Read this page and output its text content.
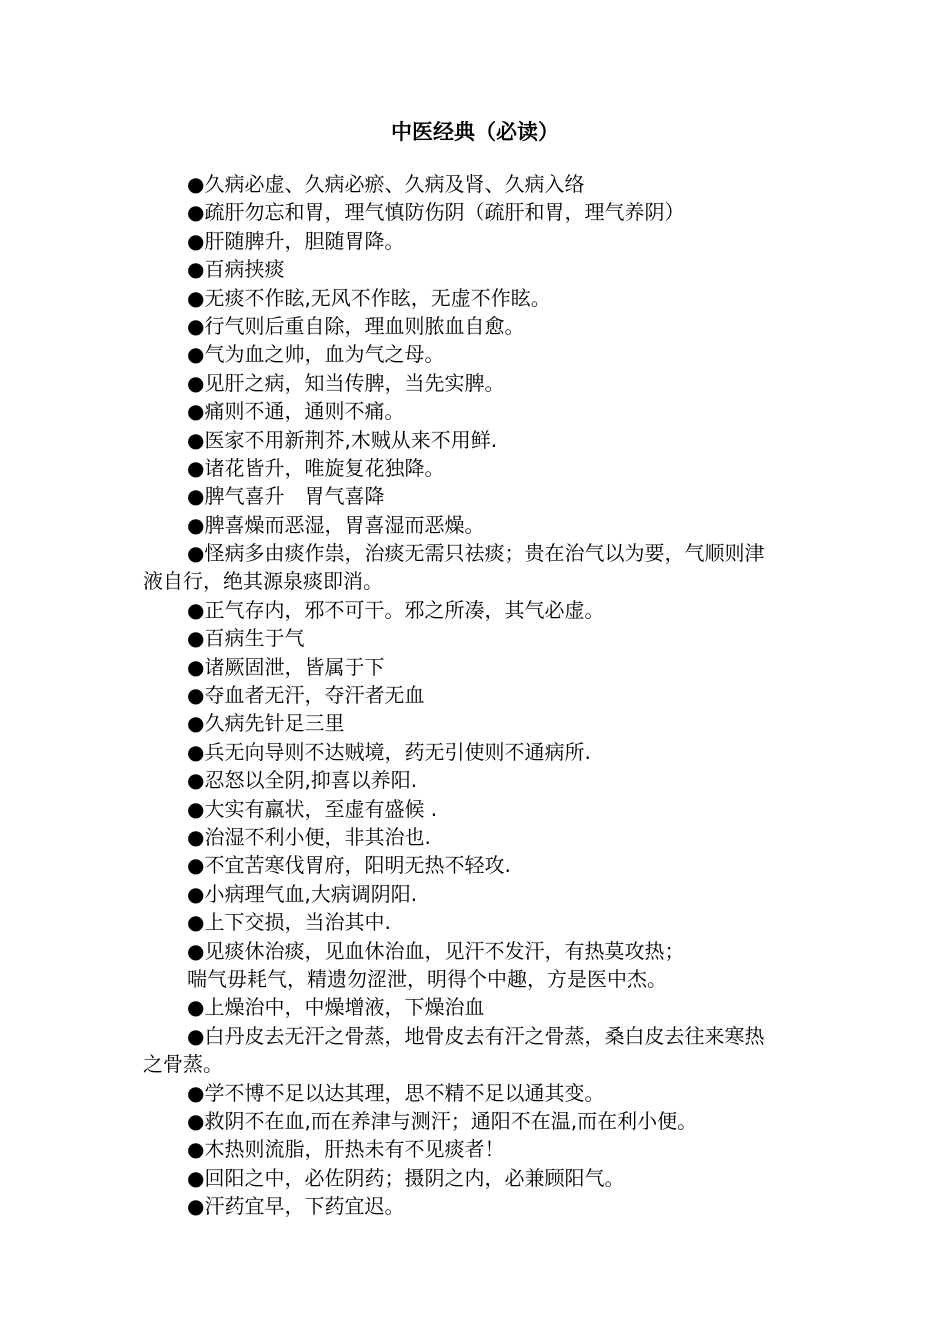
中医经典（必读）

●久病必虚、久病必瘀、久病及肾、久病入络

●疏肝勿忘和胃，理气慎防伤阴（疏肝和胃，理气养阴）

●肝随脾升，胆随胃降。

●百病挟痰

●无痰不作眩,无风不作眩，无虚不作眩。

●行气则后重自除，理血则脓血自愈。

●气为血之帅，血为气之母。

●见肝之病，知当传脾，当先实脾。

●痛则不通，通则不痛。

●医家不用新荆芥,木贼从来不用鲜.

●诸花皆升，唯旋复花独降。

●脾气喜升　胃气喜降

●脾喜燥而恶湿，胃喜湿而恶燥。

●怪病多由痰作祟，治痰无需只祛痰；贵在治气以为要，气顺则津

液自行，绝其源泉痰即消。

●正气存内，邪不可干。邪之所凑，其气必虚。

●百病生于气

●诸厥固泄，皆属于下

●夺血者无汗，夺汗者无血

●久病先针足三里

●兵无向导则不达贼境，药无引使则不通病所.

●忍怒以全阴,抑喜以养阳.

●大实有羸状，至虚有盛候 .

●治湿不利小便，非其治也.

●不宜苦寒伐胃府，阳明无热不轻攻.

●小病理气血,大病调阴阳.

●上下交损，当治其中.

●见痰休治痰，见血休治血，见汗不发汗，有热莫攻热；

喘气毋耗气，精遗勿涩泄，明得个中趣，方是医中杰。

●上燥治中，中燥增液，下燥治血

●白丹皮去无汗之骨蒸，地骨皮去有汗之骨蒸，桑白皮去往来寒热

之骨蒸。

●学不博不足以达其理，思不精不足以通其变。

●救阴不在血,而在养津与测汗；通阳不在温,而在利小便。

●木热则流脂，肝热未有不见痰者！

●回阳之中，必佐阴药；摄阴之内，必兼顾阳气。

●汗药宜早，下药宜迟。
